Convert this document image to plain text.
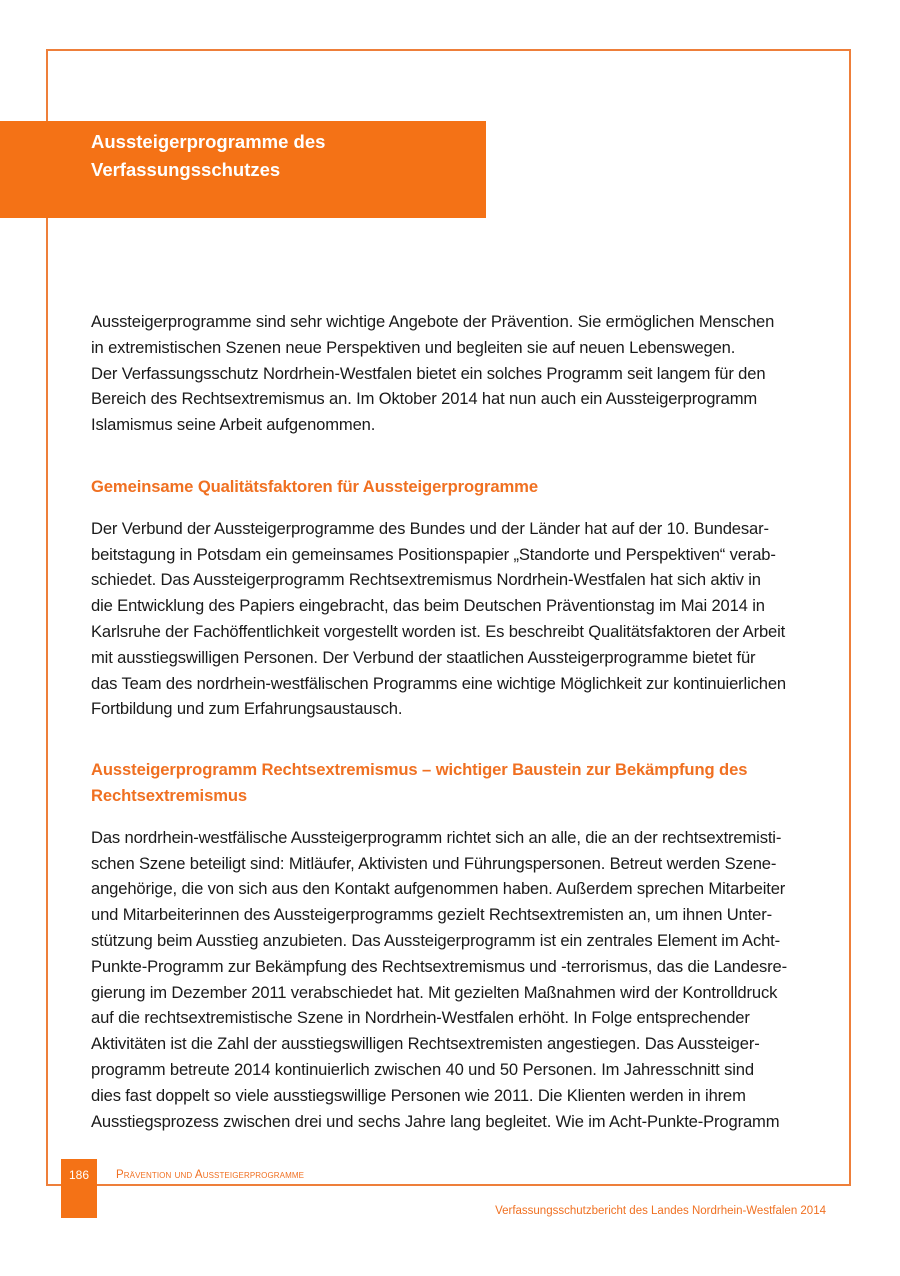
Aussteigerprogramme des
Verfassungsschutzes

Aussteigerprogramme sind sehr wichtige Angebote der Prävention. Sie ermöglichen Menschen
in extremistischen Szenen neue Perspektiven und begleiten sie auf neuen Lebenswegen.
Der Verfassungsschutz Nordrhein-Westfalen bietet ein solches Programm seit langem für den
Bereich des Rechtsextremismus an. Im Oktober 2014 hat nun auch ein Aussteigerprogramm
Islamismus seine Arbeit aufgenommen.

Gemeinsame Qualitätsfaktoren für Aussteigerprogramme

Der Verbund der Aussteigerprogramme des Bundes und der Länder hat auf der 10. Bundesar-
beitstagung in Potsdam ein gemeinsames Positionspapier „Standorte und Perspektiven“ verab-
schiedet. Das Aussteigerprogramm Rechtsextremismus Nordrhein-Westfalen hat sich aktiv in
die Entwicklung des Papiers eingebracht, das beim Deutschen Präventionstag im Mai 2014 in
Karlsruhe der Fachöffentlichkeit vorgestellt worden ist. Es beschreibt Qualitätsfaktoren der Arbeit
mit ausstiegswilligen Personen. Der Verbund der staatlichen Aussteigerprogramme bietet für
das Team des nordrhein-westfälischen Programms eine wichtige Möglichkeit zur kontinuierlichen
Fortbildung und zum Erfahrungsaustausch.

Aussteigerprogramm Rechtsextremismus – wichtiger Baustein zur Bekämpfung des
Rechtsextremismus

Das nordrhein-westfälische Aussteigerprogramm richtet sich an alle, die an der rechtsextremisti-
schen Szene beteiligt sind: Mitläufer, Aktivisten und Führungspersonen. Betreut werden Szene-
angehörige, die von sich aus den Kontakt aufgenommen haben. Außerdem sprechen Mitarbeiter
und Mitarbeiterinnen des Aussteigerprogramms gezielt Rechtsextremisten an, um ihnen Unter-
stützung beim Ausstieg anzubieten. Das Aussteigerprogramm ist ein zentrales Element im Acht-
Punkte-Programm zur Bekämpfung des Rechtsextremismus und -terrorismus, das die Landesre-
gierung im Dezember 2011 verabschiedet hat. Mit gezielten Maßnahmen wird der Kontrolldruck
auf die rechtsextremistische Szene in Nordrhein-Westfalen erhöht. In Folge entsprechender
Aktivitäten ist die Zahl der ausstiegswilligen Rechtsextremisten angestiegen. Das Aussteiger-
programm betreute 2014 kontinuierlich zwischen 40 und 50 Personen. Im Jahresschnitt sind
dies fast doppelt so viele ausstiegswillige Personen wie 2011. Die Klienten werden in ihrem
Ausstiegsprozess zwischen drei und sechs Jahre lang begleitet. Wie im Acht-Punkte-Programm

186	Prävention und Aussteigerprogramme
Verfassungsschutzbericht des Landes Nordrhein-Westfalen 2014
